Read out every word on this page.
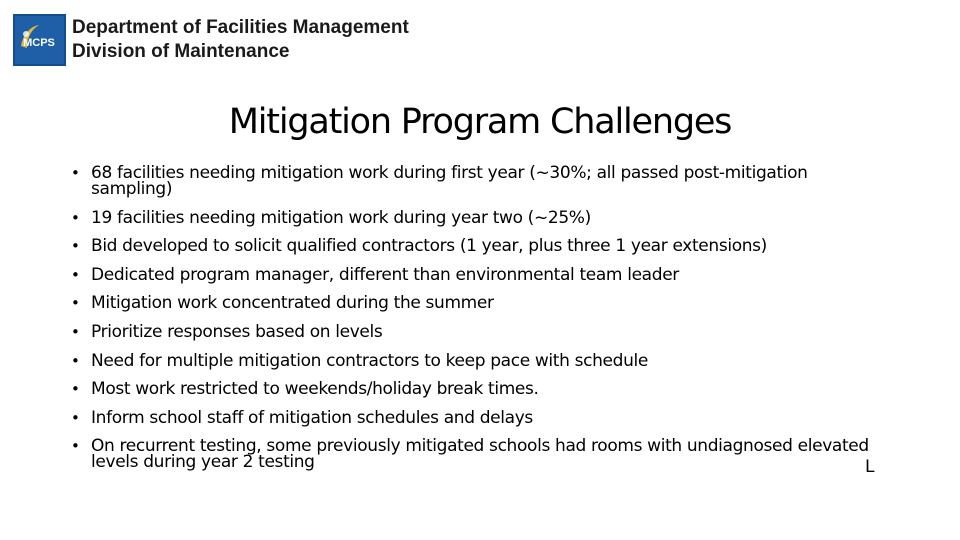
MCPS
Department of Facilities Management
Division of Maintenance
Mitigation Program Challenges
• 68 facilities needing mitigation work during first year (~30%; all passed post-mitigation sampling)
• 19 facilities needing mitigation work during year two (~25%)
• Bid developed to solicit qualified contractors (1 year, plus three 1 year extensions)
• Dedicated program manager, different than environmental team leader
• Mitigation work concentrated during the summer
• Prioritize responses based on levels
• Need for multiple mitigation contractors to keep pace with schedule
• Most work restricted to weekends/holiday break times.
• Inform school staff of mitigation schedules and delays
• On recurrent testing, some previously mitigated schools had rooms with undiagnosed elevated levels during year 2 testing	L
